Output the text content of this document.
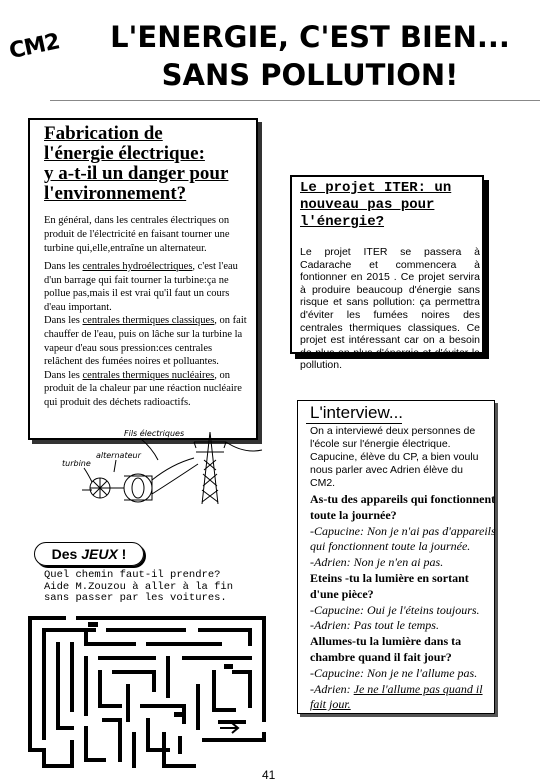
CM2	L'ENERGIE, C'EST BIEN...
SANS POLLUTION!
Fabrication de
l'énergie électrique:
y a-t-il un danger pour
l'environnement?
En général, dans les centrales électriques on produit de l'électricité en faisant tourner une turbine qui,elle,entraîne un alternateur.
Dans les centrales hydroélectriques, c'est l'eau d'un barrage qui fait tourner la turbine:ça ne pollue pas,mais il est vrai qu'il faut un cours d'eau important.
Dans les centrales thermiques classiques, on fait chauffer de l'eau, puis on lâche sur la turbine la vapeur d'eau sous pression:ces centrales relâchent des fumées noires et polluantes.
Dans les centrales thermiques nucléaires, on produit de la chaleur par une réaction nucléaire qui produit des déchets radioactifs.
Fils électriques
alternateur
turbine
Le projet ITER: un nouveau pas pour l'énergie?
Le projet ITER se passera à Cadarache et commencera à fontionner en 2015 . Ce projet servira à produire beaucoup d'énergie sans risque et sans pollution: ça permettra d'éviter les fumées noires des centrales thermiques classiques. Ce projet est intéressant car on a besoin de plus en plus d'énergie et d'éviter la pollution.
L'interview...
On a interviewé deux personnes de l'école sur l'énergie électrique. Capucine, élève du CP, a bien voulu nous parler avec Adrien élève du CM2.
As-tu des appareils qui fonctionnent toute la journée?
-Capucine: Non je n'ai pas d'appareils qui fonctionnent toute la journée.
-Adrien: Non je n'en ai pas.
Eteins -tu la lumière en sortant d'une pièce?
-Capucine: Oui je l'éteins toujours.
-Adrien: Pas tout le temps.
Allumes-tu la lumière dans ta chambre quand il fait jour?
-Capucine: Non je ne l'allume pas.
-Adrien: Je ne l'allume pas quand il fait jour.
Des JEUX !
Quel chemin faut-il prendre?
Aide M.Zouzou à aller à la fin
sans passer par les voitures.
41
